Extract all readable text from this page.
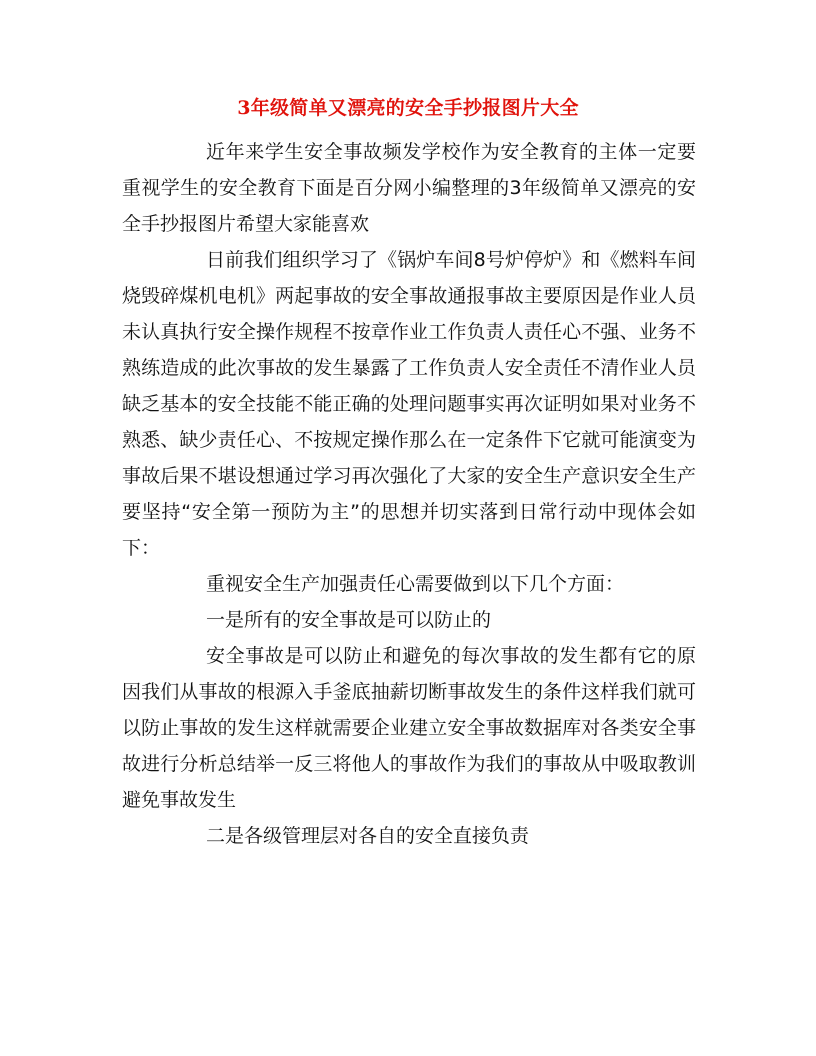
3年级简单又漂亮的安全手抄报图片大全

近年来学生安全事故频发学校作为安全教育的主体一定要重视学生的安全教育下面是百分网小编整理的3年级简单又漂亮的安全手抄报图片希望大家能喜欢

日前我们组织学习了《锅炉车间8号炉停炉》和《燃料车间烧毁碎煤机电机》两起事故的安全事故通报事故主要原因是作业人员未认真执行安全操作规程不按章作业工作负责人责任心不强、业务不熟练造成的此次事故的发生暴露了工作负责人安全责任不清作业人员缺乏基本的安全技能不能正确的处理问题事实再次证明如果对业务不熟悉、缺少责任心、不按规定操作那么在一定条件下它就可能演变为事故后果不堪设想通过学习再次强化了大家的安全生产意识安全生产要坚持“安全第一预防为主”的思想并切实落到日常行动中现体会如下：

重视安全生产加强责任心需要做到以下几个方面：

一是所有的安全事故是可以防止的

安全事故是可以防止和避免的每次事故的发生都有它的原因我们从事故的根源入手釜底抽薪切断事故发生的条件这样我们就可以防止事故的发生这样就需要企业建立安全事故数据库对各类安全事故进行分析总结举一反三将他人的事故作为我们的事故从中吸取教训避免事故发生

二是各级管理层对各自的安全直接负责
